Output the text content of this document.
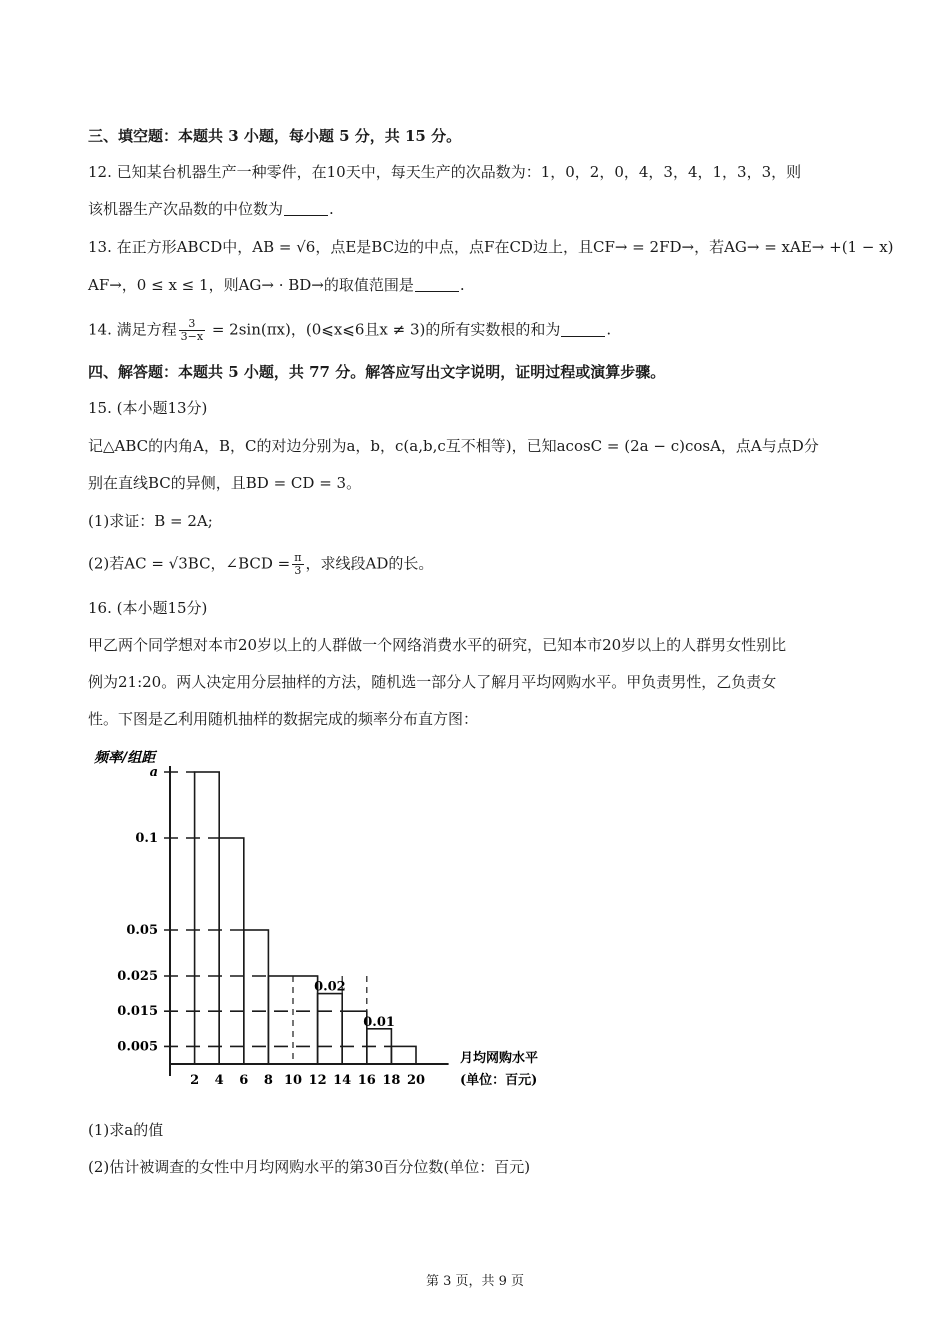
三、填空题：本题共 3 小题，每小题 5 分，共 15 分。
12. 已知某台机器生产一种零件，在10天中，每天生产的次品数为：1，0，2，0，4，3，4，1，3，3，则
该机器生产次品数的中位数为	.
13. 在正方形ABCD中，AB = √6，点E是BC边的中点，点F在CD边上，且CF→ = 2FD→，若AG→ = xAE→ +(1 − x)
AF→，0 ≤ x ≤ 1，则AG→ · BD→的取值范围是	.
14. 满足方程 $\frac{3}{3-x} = 2\sin(\pi x)$，(0⩽x⩽6且x ≠ 3)的所有实数根的和为	.
四、解答题：本题共 5 小题，共 77 分。解答应写出文字说明，证明过程或演算步骤。
15. (本小题13分)
记△ABC的内角A，B，C的对边分别为a，b，c(a,b,c互不相等)，已知acosC = (2a − c)cosA，点A与点D分
别在直线BC的异侧，且BD = CD = 3。
(1)求证：B = 2A;
(2)若AC = √3BC，∠BCD = $\frac{\pi}{3}$ ，求线段AD的长。
16. (本小题15分)
甲乙两个同学想对本市20岁以上的人群做一个网络消费水平的研究，已知本市20岁以上的人群男女性别比
例为21:20。两人决定用分层抽样的方法，随机选一部分人了解月平均网购水平。甲负责男性，乙负责女
性。下图是乙利用随机抽样的数据完成的频率分布直方图：
a
0.1
0.05
0.025
0.015
0.005
2 4 6 8 10 12 14 16 18 20
0.02
0.01
频率/组距
月均网购水平
(单位：百元)
(1)求a的值
(2)估计被调查的女性中月均网购水平的第30百分位数(单位：百元)
第 3 页，共 9 页
